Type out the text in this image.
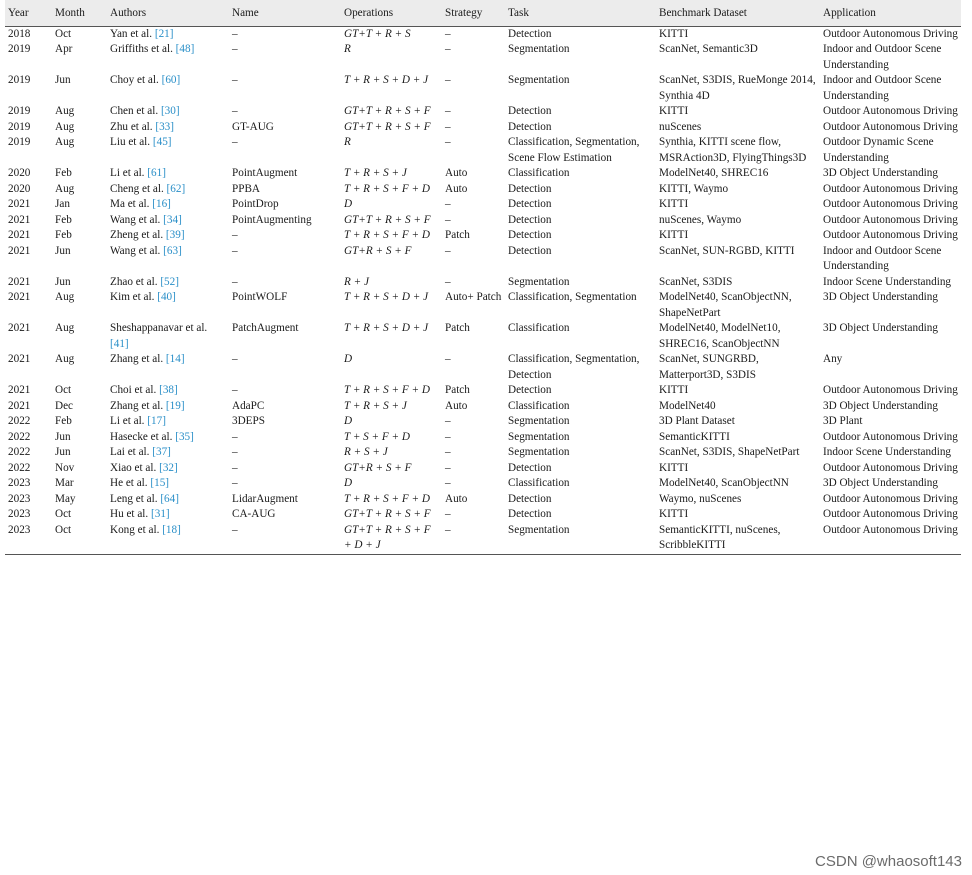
Year	Month	Authors	Name	Operations	Strategy	Task	Benchmark Dataset	Application
2018	Oct	Yan et al. [21]	–	GT+T + R + S	–	Detection	KITTI	Outdoor Autonomous Driving
2019	Apr	Griffiths et al. [48]	–	R	–	Segmentation	ScanNet, Semantic3D	Indoor and Outdoor Scene Understanding
2019	Jun	Choy et al. [60]	–	T + R + S + D + J	–	Segmentation	ScanNet, S3DIS, RueMonge 2014, Synthia 4D	Indoor and Outdoor Scene Understanding
2019	Aug	Chen et al. [30]	–	GT+T + R + S + F	–	Detection	KITTI	Outdoor Autonomous Driving
2019	Aug	Zhu et al. [33]	GT-AUG	GT+T + R + S + F	–	Detection	nuScenes	Outdoor Autonomous Driving
2019	Aug	Liu et al. [45]	–	R	–	Classification, Segmentation, Scene Flow Estimation	Synthia, KITTI scene flow, MSRAction3D, FlyingThings3D	Outdoor Dynamic Scene Understanding
2020	Feb	Li et al. [61]	PointAugment	T + R + S + J	Auto	Classification	ModelNet40, SHREC16	3D Object Understanding
2020	Aug	Cheng et al. [62]	PPBA	T + R + S + F + D	Auto	Detection	KITTI, Waymo	Outdoor Autonomous Driving
2021	Jan	Ma et al. [16]	PointDrop	D	–	Detection	KITTI	Outdoor Autonomous Driving
2021	Feb	Wang et al. [34]	PointAugmenting	GT+T + R + S + F	–	Detection	nuScenes, Waymo	Outdoor Autonomous Driving
2021	Feb	Zheng et al. [39]	–	T + R + S + F + D	Patch	Detection	KITTI	Outdoor Autonomous Driving
2021	Jun	Wang et al. [63]	–	GT+R + S + F	–	Detection	ScanNet, SUN-RGBD, KITTI	Indoor and Outdoor Scene Understanding
2021	Jun	Zhao et al. [52]	–	R + J	–	Segmentation	ScanNet, S3DIS	Indoor Scene Understanding
2021	Aug	Kim et al. [40]	PointWOLF	T + R + S + D + J	Auto+ Patch	Classification, Segmentation	ModelNet40, ScanObjectNN, ShapeNetPart	3D Object Understanding
2021	Aug	Sheshappanavar et al. [41]	PatchAugment	T + R + S + D + J	Patch	Classification	ModelNet40, ModelNet10, SHREC16, ScanObjectNN	3D Object Understanding
2021	Aug	Zhang et al. [14]	–	D	–	Classification, Segmentation, Detection	ScanNet, SUNGRBD, Matterport3D, S3DIS	Any
2021	Oct	Choi et al. [38]	–	T + R + S + F + D	Patch	Detection	KITTI	Outdoor Autonomous Driving
2021	Dec	Zhang et al. [19]	AdaPC	T + R + S + J	Auto	Classification	ModelNet40	3D Object Understanding
2022	Feb	Li et al. [17]	3DEPS	D	–	Segmentation	3D Plant Dataset	3D Plant
2022	Jun	Hasecke et al. [35]	–	T + S + F + D	–	Segmentation	SemanticKITTI	Outdoor Autonomous Driving
2022	Jun	Lai et al. [37]	–	R + S + J	–	Segmentation	ScanNet, S3DIS, ShapeNetPart	Indoor Scene Understanding
2022	Nov	Xiao et al. [32]	–	GT+R + S + F	–	Detection	KITTI	Outdoor Autonomous Driving
2023	Mar	He et al. [15]	–	D	–	Classification	ModelNet40, ScanObjectNN	3D Object Understanding
2023	May	Leng et al. [64]	LidarAugment	T + R + S + F + D	Auto	Detection	Waymo, nuScenes	Outdoor Autonomous Driving
2023	Oct	Hu et al. [31]	CA-AUG	GT+T + R + S + F	–	Detection	KITTI	Outdoor Autonomous Driving
2023	Oct	Kong et al. [18]	–	GT+T + R + S + F + D + J	–	Segmentation	SemanticKITTI, nuScenes, ScribbleKITTI	Outdoor Autonomous Driving
CSDN @whaosoft143
